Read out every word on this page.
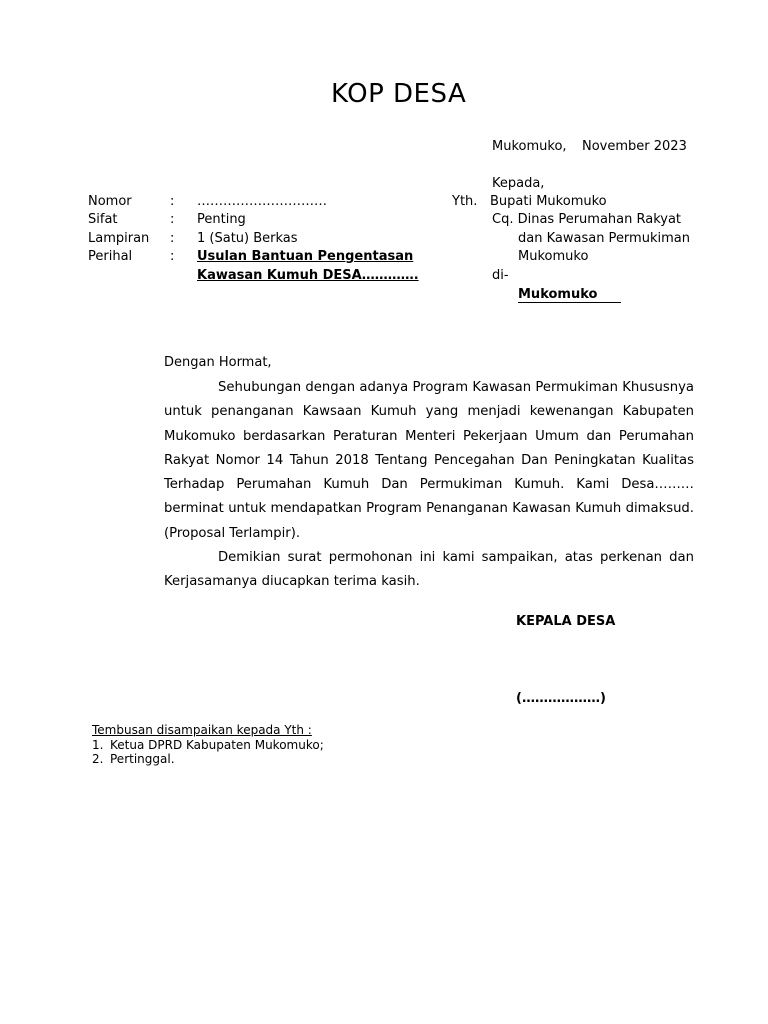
KOP DESA
Mukomuko, November 2023
Kepada,
Yth. Bupati Mukomuko
Cq. Dinas Perumahan Rakyat
dan Kawasan Permukiman
Mukomuko
di-
Mukomuko
Nomor	: …………………………
Sifat	: Penting
Lampiran : 1 (Satu) Berkas
Perihal	: Usulan Bantuan Pengentasan
Kawasan Kumuh DESA………….
Dengan Hormat,
Sehubungan dengan adanya Program Kawasan Permukiman Khususnya untuk penanganan Kawsaan Kumuh yang menjadi kewenangan Kabupaten Mukomuko berdasarkan Peraturan Menteri Pekerjaan Umum dan Perumahan Rakyat Nomor 14 Tahun 2018 Tentang Pencegahan Dan Peningkatan Kualitas Terhadap Perumahan Kumuh Dan Permukiman Kumuh. Kami Desa……… berminat untuk mendapatkan Program Penanganan Kawasan Kumuh dimaksud. (Proposal Terlampir).
Demikian surat permohonan ini kami sampaikan, atas perkenan dan Kerjasamanya diucapkan terima kasih.
KEPALA DESA
(………………)
Tembusan disampaikan kepada Yth :
1. Ketua DPRD Kabupaten Mukomuko;
2. Pertinggal.
